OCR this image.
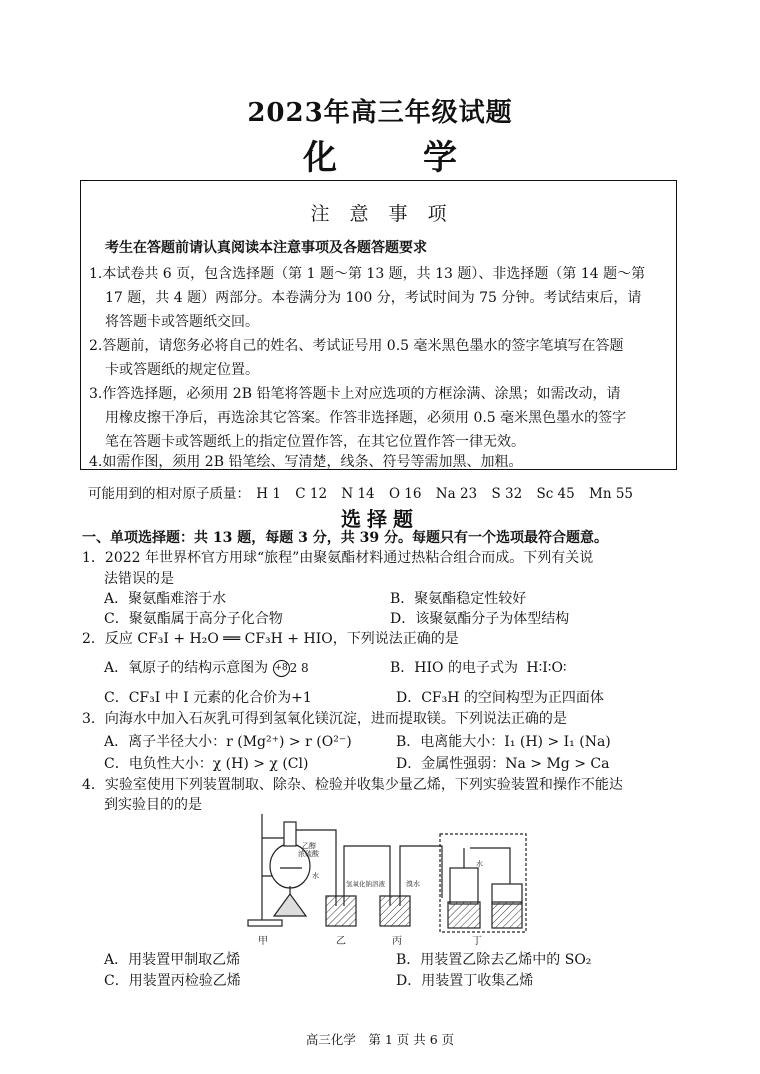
2023年高三年级试题
化　学
注意事项
考生在答题前请认真阅读本注意事项及各题答题要求
1.本试卷共 6 页，包含选择题（第 1 题～第 13 题，共 13 题）、非选择题（第 14 题～第
17 题，共 4 题）两部分。本卷满分为 100 分，考试时间为 75 分钟。考试结束后，请
将答题卡或答题纸交回。
2.答题前，请您务必将自己的姓名、考试证号用 0.5 毫米黑色墨水的签字笔填写在答题
卡或答题纸的规定位置。
3.作答选择题，必须用 2B 铅笔将答题卡上对应选项的方框涂满、涂黑；如需改动，请
用橡皮擦干净后，再选涂其它答案。作答非选择题，必须用 0.5 毫米黑色墨水的签字
笔在答题卡或答题纸上的指定位置作答，在其它位置作答一律无效。
4.如需作图，须用 2B 铅笔绘、写清楚，线条、符号等需加黑、加粗。
可能用到的相对原子质量： H 1 C 12 N 14 O 16 Na 23 S 32 Sc 45 Mn 55
选择题
一、单项选择题：共 13 题，每题 3 分，共 39 分。每题只有一个选项最符合题意。
1．2022 年世界杯官方用球“旅程”由聚氨酯材料通过热粘合组合而成。下列有关说
法错误的是
A．聚氨酯难溶于水	B．聚氨酯稳定性较好
C．聚氨酯属于高分子化合物	D．该聚氨酯分子为体型结构
2．反应 CF₃I + H₂O ══ CF₃H + HIO，下列说法正确的是
A．氧原子的结构示意图为 +8 2 8	B．HIO 的电子式为 H∶I∶O∶
C．CF₃I 中 I 元素的化合价为+1	D．CF₃H 的空间构型为正四面体
3．向海水中加入石灰乳可得到氢氧化镁沉淀，进而提取镁。下列说法正确的是
A．离子半径大小：r (Mg²⁺) > r (O²⁻)	B．电离能大小：I₁ (H) > I₁ (Na)
C．电负性大小：χ (H) > χ (Cl)	D．金属性强弱：Na > Mg > Ca
4．实验室使用下列装置制取、除杂、检验并收集少量乙烯，下列实验装置和操作不能达
到实验目的的是
乙醇
浓硫酸
水
氢氧化钠溶液	溴水
水
甲	乙	丙	丁
A．用装置甲制取乙烯	B．用装置乙除去乙烯中的 SO₂
C．用装置丙检验乙烯	D．用装置丁收集乙烯
高三化学　第 1 页 共 6 页
